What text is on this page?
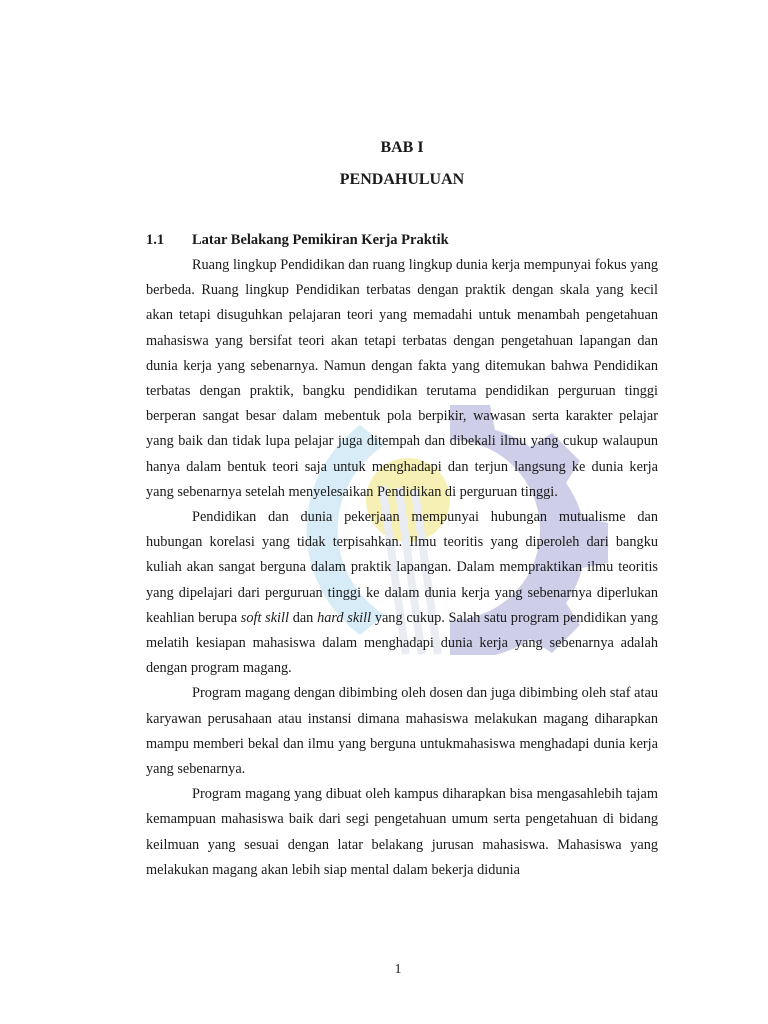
BAB I
PENDAHULUAN
1.1	Latar Belakang Pemikiran Kerja Praktik

Ruang lingkup Pendidikan dan ruang lingkup dunia kerja mempunyai fokus yang berbeda. Ruang lingkup Pendidikan terbatas dengan praktik dengan skala yang kecil akan tetapi disuguhkan pelajaran teori yang memadahi untuk menambah pengetahuan mahasiswa yang bersifat teori akan tetapi terbatas dengan pengetahuan lapangan dan dunia kerja yang sebenarnya. Namun dengan fakta yang ditemukan bahwa Pendidikan terbatas dengan praktik, bangku pendidikan terutama pendidikan perguruan tinggi berperan sangat besar dalam mebentuk pola berpikir, wawasan serta karakter pelajar yang baik dan tidak lupa pelajar juga ditempah dan dibekali ilmu yang cukup walaupun hanya dalam bentuk teori saja untuk menghadapi dan terjun langsung ke dunia kerja yang sebenarnya setelah menyelesaikan Pendidikan di perguruan tinggi.

Pendidikan dan dunia pekerjaan mempunyai hubungan mutualisme dan hubungan korelasi yang tidak terpisahkan. Ilmu teoritis yang diperoleh dari bangku kuliah akan sangat berguna dalam praktik lapangan. Dalam mempraktikan ilmu teoritis yang dipelajari dari perguruan tinggi ke dalam dunia kerja yang sebenarnya diperlukan keahlian berupa soft skill dan hard skill yang cukup. Salah satu program pendidikan yang melatih kesiapan mahasiswa dalam menghadapi dunia kerja yang sebenarnya adalah dengan program magang.

Program magang dengan dibimbing oleh dosen dan juga dibimbing oleh staf atau karyawan perusahaan atau instansi dimana mahasiswa melakukan magang diharapkan mampu memberi bekal dan ilmu yang berguna untukmahasiswa menghadapi dunia kerja yang sebenarnya.

Program magang yang dibuat oleh kampus diharapkan bisa mengasahlebih tajam kemampuan mahasiswa baik dari segi pengetahuan umum serta pengetahuan di bidang keilmuan yang sesuai dengan latar belakang jurusan mahasiswa. Mahasiswa yang melakukan magang akan lebih siap mental dalam bekerja didunia

1
